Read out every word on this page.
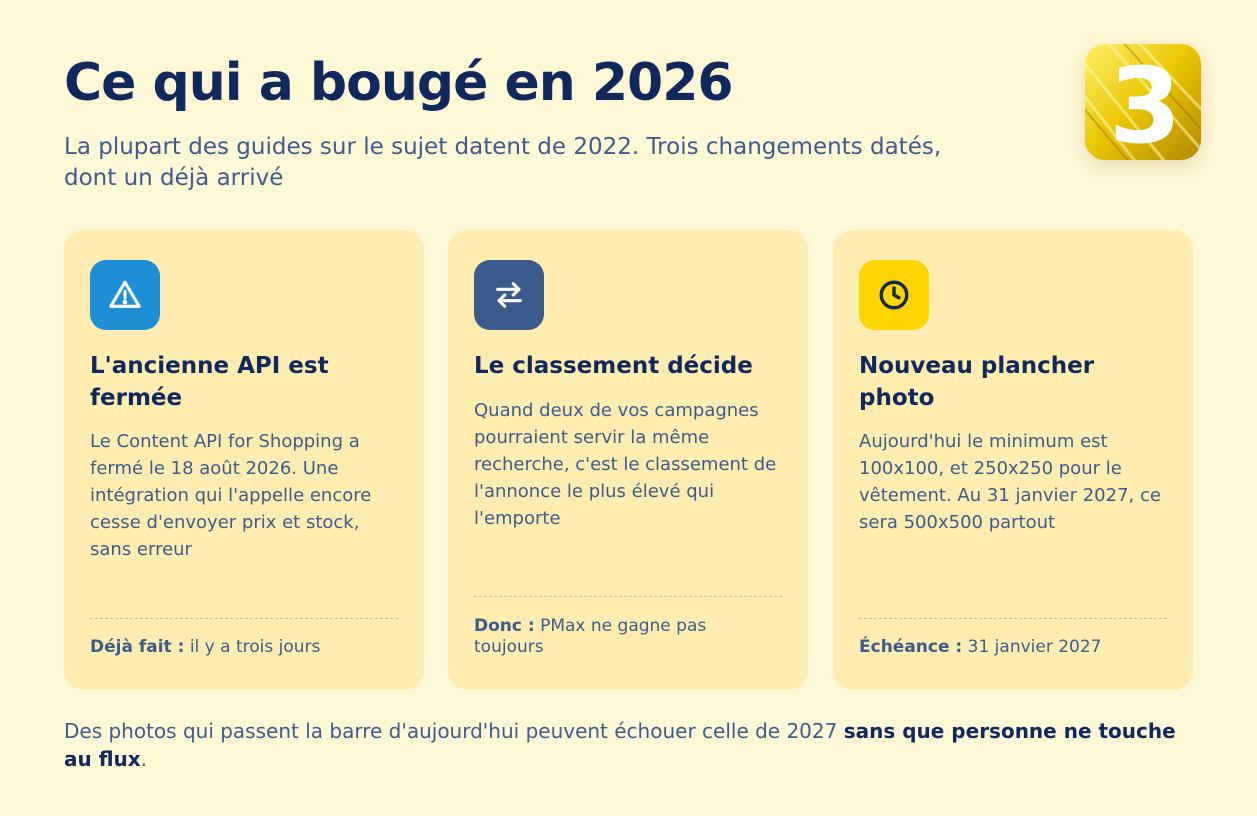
Ce qui a bougé en 2026

La plupart des guides sur le sujet datent de 2022. Trois changements datés, dont un déjà arrivé

3
L'ancienne API est fermée

Le Content API for Shopping a fermé le 18 août 2026. Une intégration qui l'appelle encore cesse d'envoyer prix et stock, sans erreur

Déjà fait : il y a trois jours

Le classement décide

Quand deux de vos campagnes pourraient servir la même recherche, c'est le classement de l'annonce le plus élevé qui l'emporte

Donc : PMax ne gagne pas toujours

Nouveau plancher photo

Aujourd'hui le minimum est 100x100, et 250x250 pour le vêtement. Au 31 janvier 2027, ce sera 500x500 partout

Échéance : 31 janvier 2027

Des photos qui passent la barre d'aujourd'hui peuvent échouer celle de 2027 sans que personne ne touche au flux.
